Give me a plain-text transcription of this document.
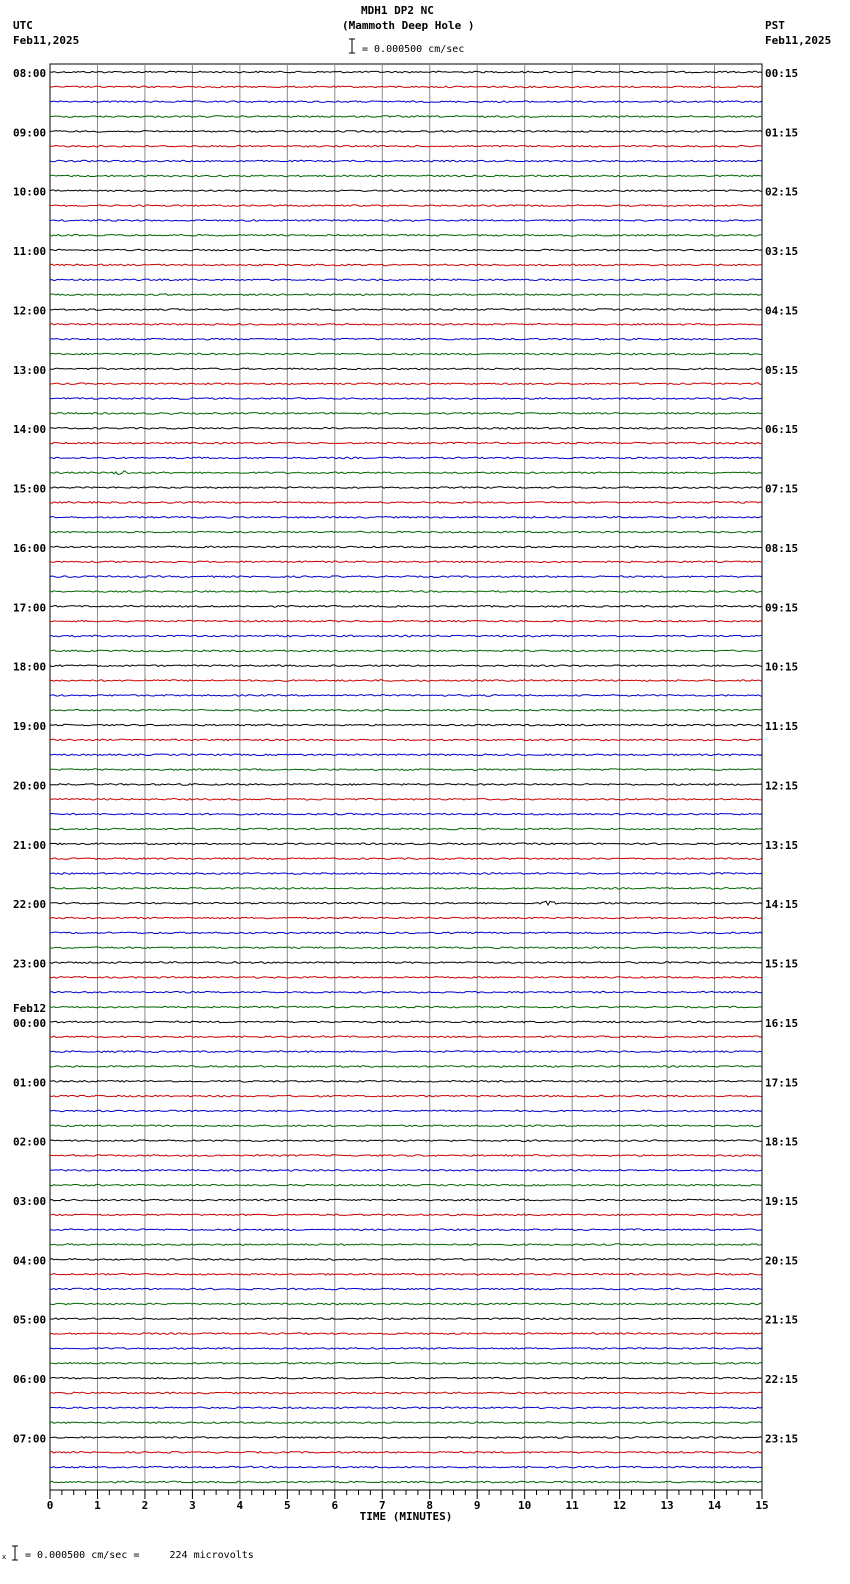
MDH1 DP2 NC
(Mammoth Deep Hole )
UTC
Feb11,2025
PST
Feb11,2025
= 0.000500 cm/sec
= 0.000500 cm/sec =     224 microvolts
x
08:00
09:00
10:00
11:00
12:00
13:00
14:00
15:00
16:00
17:00
18:00
19:00
20:00
21:00
22:00
23:00
Feb12
00:00
01:00
02:00
03:00
04:00
05:00
06:00
07:00
00:15
01:15
02:15
03:15
04:15
05:15
06:15
07:15
08:15
09:15
10:15
11:15
12:15
13:15
14:15
15:15
16:15
17:15
18:15
19:15
20:15
21:15
22:15
23:15
0	1	2	3	4	5	6	7	8	9	10	11	12	13	14	15
TIME (MINUTES)
